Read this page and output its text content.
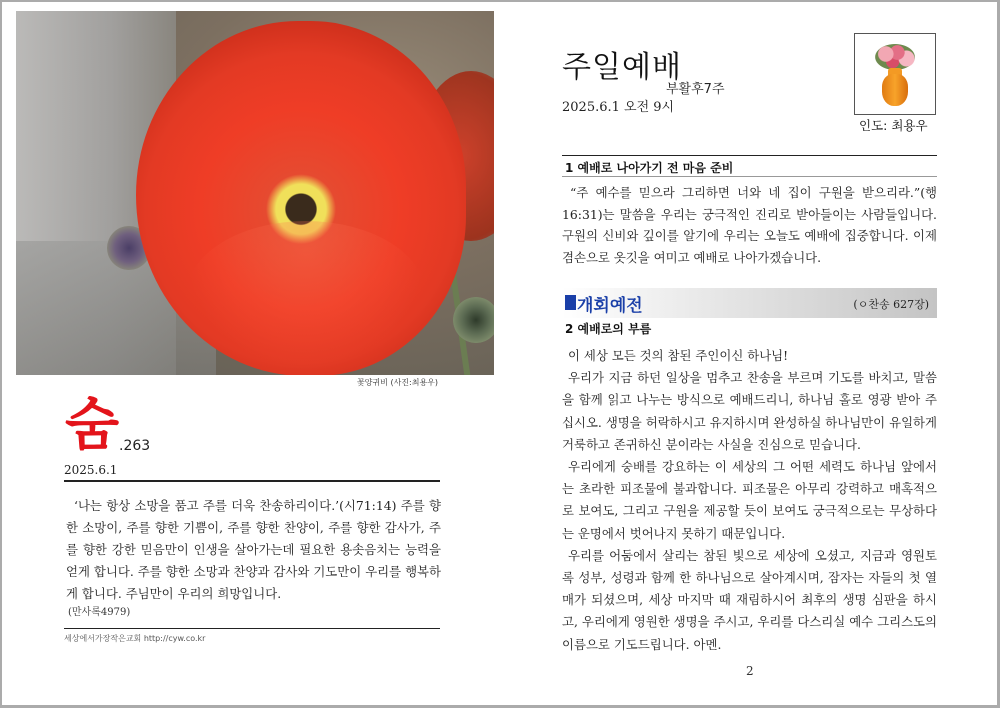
꽃양귀비 (사진:최용우)
숨 .263
2025.6.1

‘나는 항상 소망을 품고 주를 더욱 찬송하리이다.’(시71:14) 주를 향한 소망이, 주를 향한 기쁨이, 주를 향한 찬양이, 주를 향한 감사가, 주를 향한 강한 믿음만이 인생을 살아가는데 필요한 용솟음치는 능력을 얻게 합니다. 주를 향한 소망과 찬양과 감사와 기도만이 우리를 행복하게 합니다. 주님만이 우리의 희망입니다.

(만사록4979)
세상에서가장작은교회 http://cyw.co.kr
주일예배
부활후7주
2025.6.1 오전 9시
인도: 최용우
1 예배로 나아가기 전 마음 준비

“주 예수를 믿으라 그리하면 너와 네 집이 구원을 받으리라.”(행16:31)는 말씀을 우리는 궁극적인 진리로 받아들이는 사람들입니다. 구원의 신비와 깊이를 알기에 우리는 오늘도 예배에 집중합니다. 이제 겸손으로 옷깃을 여미고 예배로 나아가겠습니다.

개회예전	(ㅇ찬송 627장)
2 예배로의 부름

이 세상 모든 것의 참된 주인이신 하나님!

우리가 지금 하던 일상을 멈추고 찬송을 부르며 기도를 바치고, 말씀을 함께 읽고 나누는 방식으로 예배드리니, 하나님 홀로 영광 받아 주십시오. 생명을 허락하시고 유지하시며 완성하실 하나님만이 유일하게 거룩하고 존귀하신 분이라는 사실을 진심으로 믿습니다.

우리에게 숭배를 강요하는 이 세상의 그 어떤 세력도 하나님 앞에서는 초라한 피조물에 불과합니다. 피조물은 아무리 강력하고 매혹적으로 보여도, 그리고 구원을 제공할 듯이 보여도 궁극적으로는 무상하다는 운명에서 벗어나지 못하기 때문입니다.

우리를 어둠에서 살리는 참된 빛으로 세상에 오셨고, 지금과 영원토록 성부, 성령과 함께 한 하나님으로 살아계시며, 잠자는 자들의 첫 열매가 되셨으며, 세상 마지막 때 재림하시어 최후의 생명 심판을 하시고, 우리에게 영원한 생명을 주시고, 우리를 다스리실 예수 그리스도의 이름으로 기도드립니다. 아멘.

2
